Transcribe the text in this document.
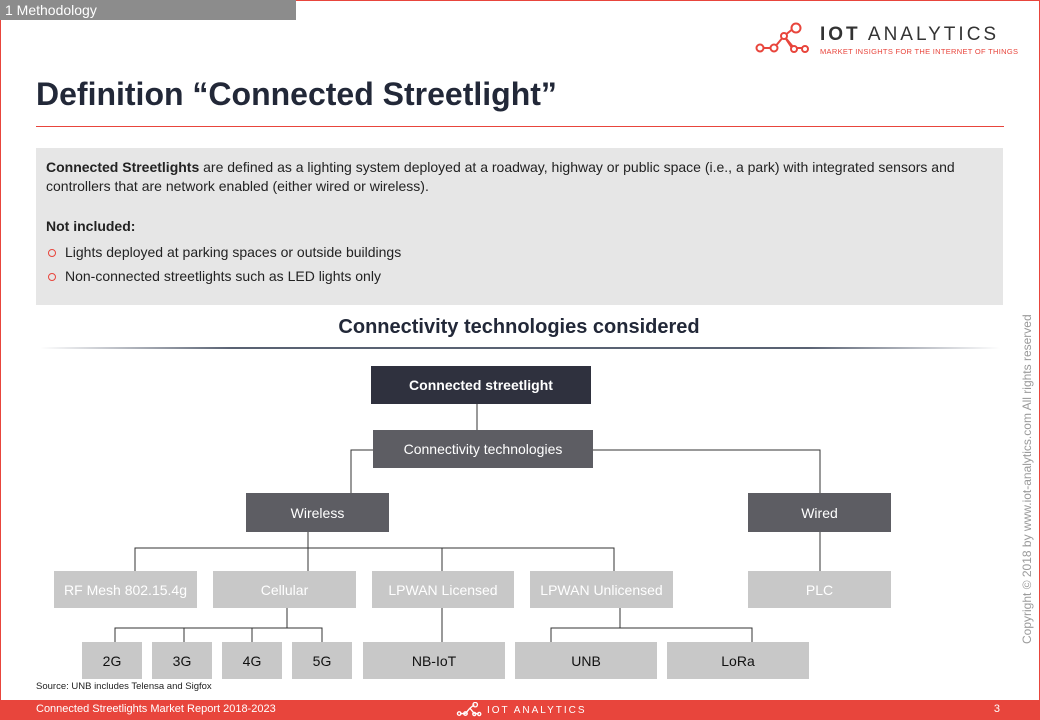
1 Methodology
IOT ANALYTICS
MARKET INSIGHTS FOR THE INTERNET OF THINGS
Definition “Connected Streetlight”

Connected Streetlights are defined as a lighting system deployed at a roadway, highway or public space (i.e., a park) with integrated sensors and controllers that are network enabled (either wired or wireless).

Not included:

Lights deployed at parking spaces or outside buildings
Non-connected streetlights such as LED lights only
Connectivity technologies considered
Connected streetlight
Connectivity technologies
Wireless	Wired
RF Mesh 802.15.4g	Cellular	LPWAN Licensed	LPWAN Unlicensed	PLC
2G	3G	4G	5G	NB-IoT	UNB	LoRa
Source: UNB includes Telensa and Sigfox
Copyright © 2018 by www.iot-analytics.com All rights reserved
Connected Streetlights Market Report 2018-2023	IOT ANALYTICS	3
